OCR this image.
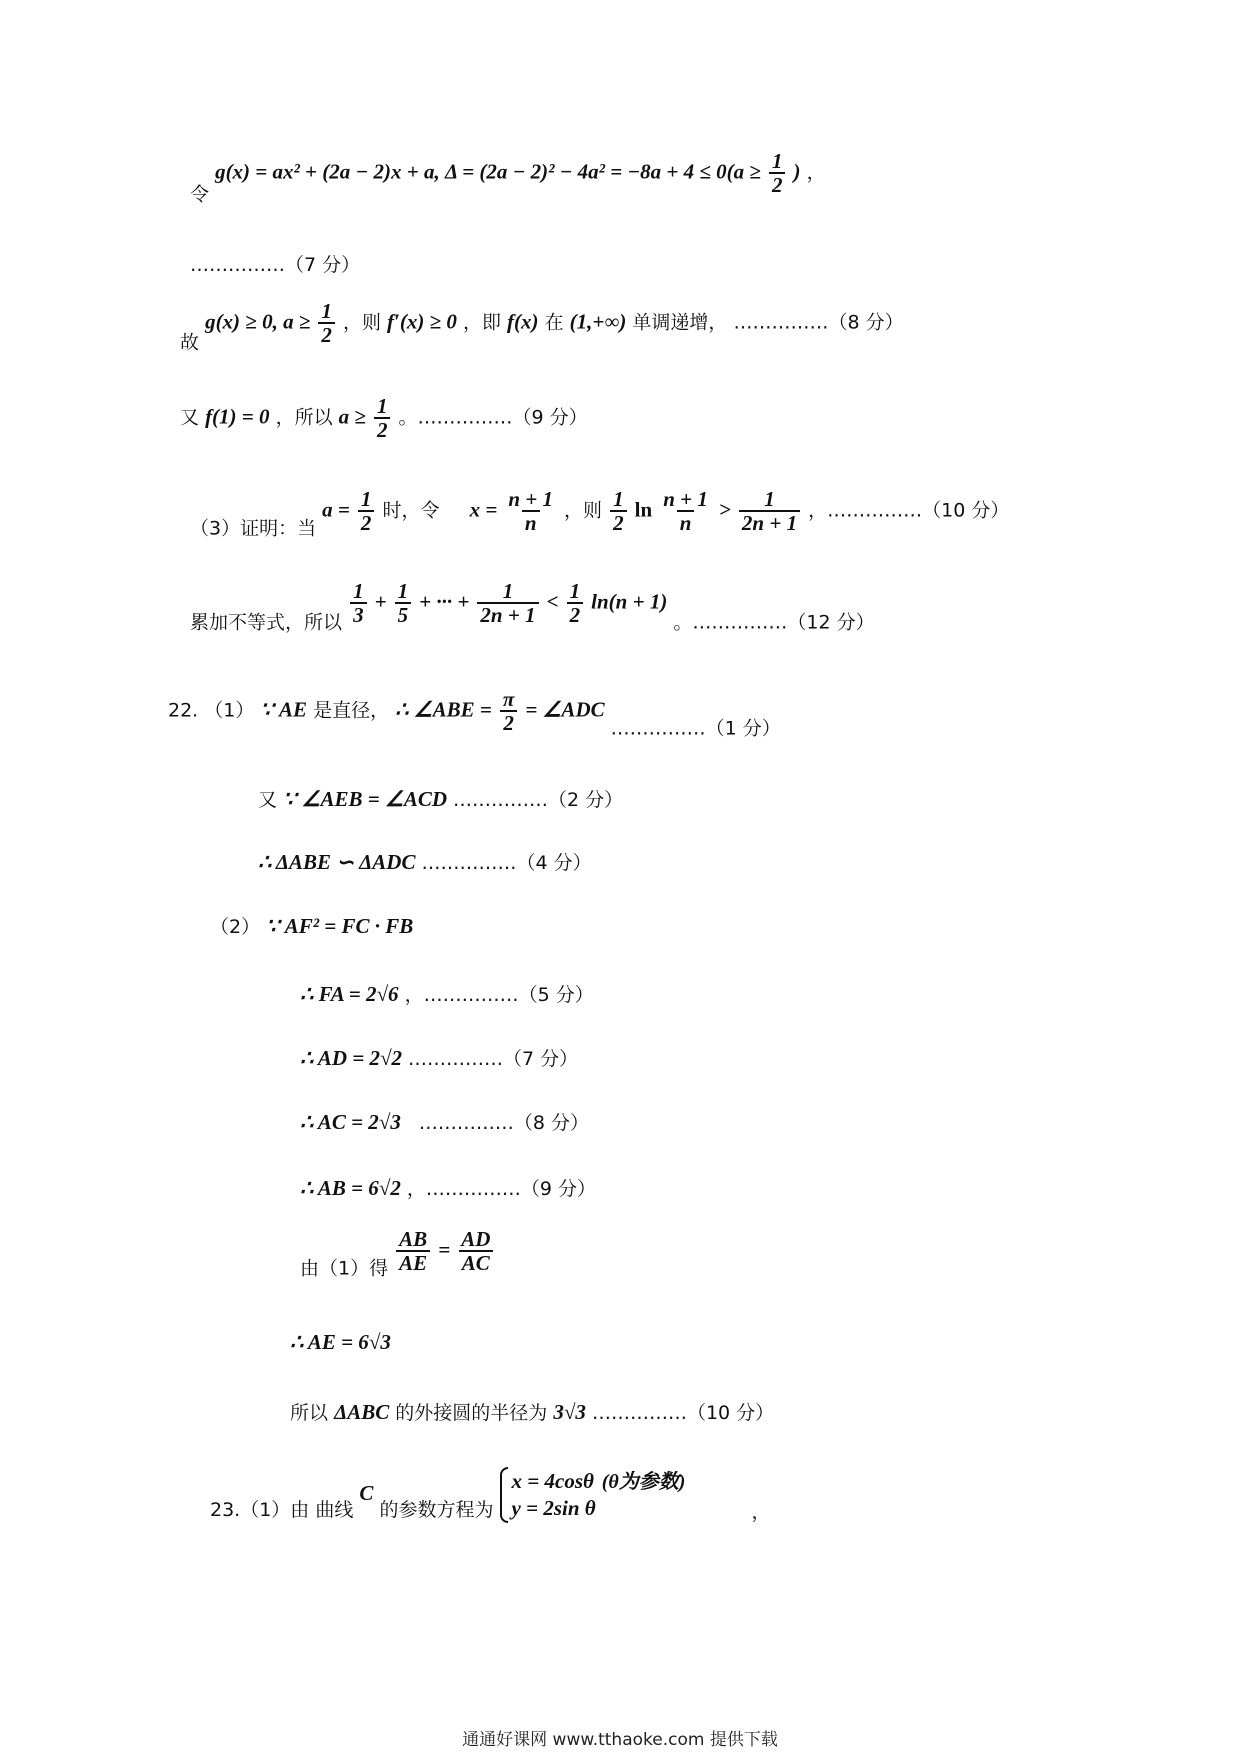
令 g(x) = ax² + (2a − 2)x + a, $\Delta = (2a - 2)^2 - 4a^2 = -8a + 4 \le 0(a \ge \frac{1}{2}$ ) ，
……………（7 分）
故 g(x) ≥ 0, $a \ge \frac{1}{2}$ ，则 f′(x) ≥ 0 ，即 f(x) 在 (1,+∞) 单调递增， ……………（8 分）
又 f(1) = 0 ，所以 $a \ge \frac{1}{2}$ 。……………（9 分）
（3）证明：当 $a = \frac{1}{2}$ 时，令 $x = \frac{n + 1}{n}$ ，则 $\frac{1}{2}$ $\ln \frac{n + 1}{n} > \frac{1}{2n + 1}$ ，……………（10 分）
累加不等式，所以 $\frac{1}{3} + \frac{1}{5}$ + ··· + $\frac{1}{2n + 1} < \frac{1}{2} \ln(n + 1)$ 。……………（12 分）
22. （1） ∵ AE 是直径， ∴ ∠ABE = $\frac{\pi}{2}$ = ∠ADC ……………（1 分）
又 ∵ ∠AEB = ∠ACD ……………（2 分）
∴ ΔABE ∽ ΔADC ……………（4 分）
（2） ∵ AF² = FC · FB
∴ FA = 2√6 ，……………（5 分）
∴ AD = 2√2 ……………（7 分）
∴ AC = 2√3 ……………（8 分）
∴ AB = 6√2 ，……………（9 分）
由（1）得 $\frac{AB}{AE} = \frac{AD}{AC}$
∴ AE = 6√3
所以 ΔABC 的外接圆的半径为 3√3 ……………（10 分）
23.（1）由 曲线 C 的参数方程为
x = 4cosθ
y = 2sin θ
(θ为参数) ，
通通好课网 www.tthaoke.com 提供下载
